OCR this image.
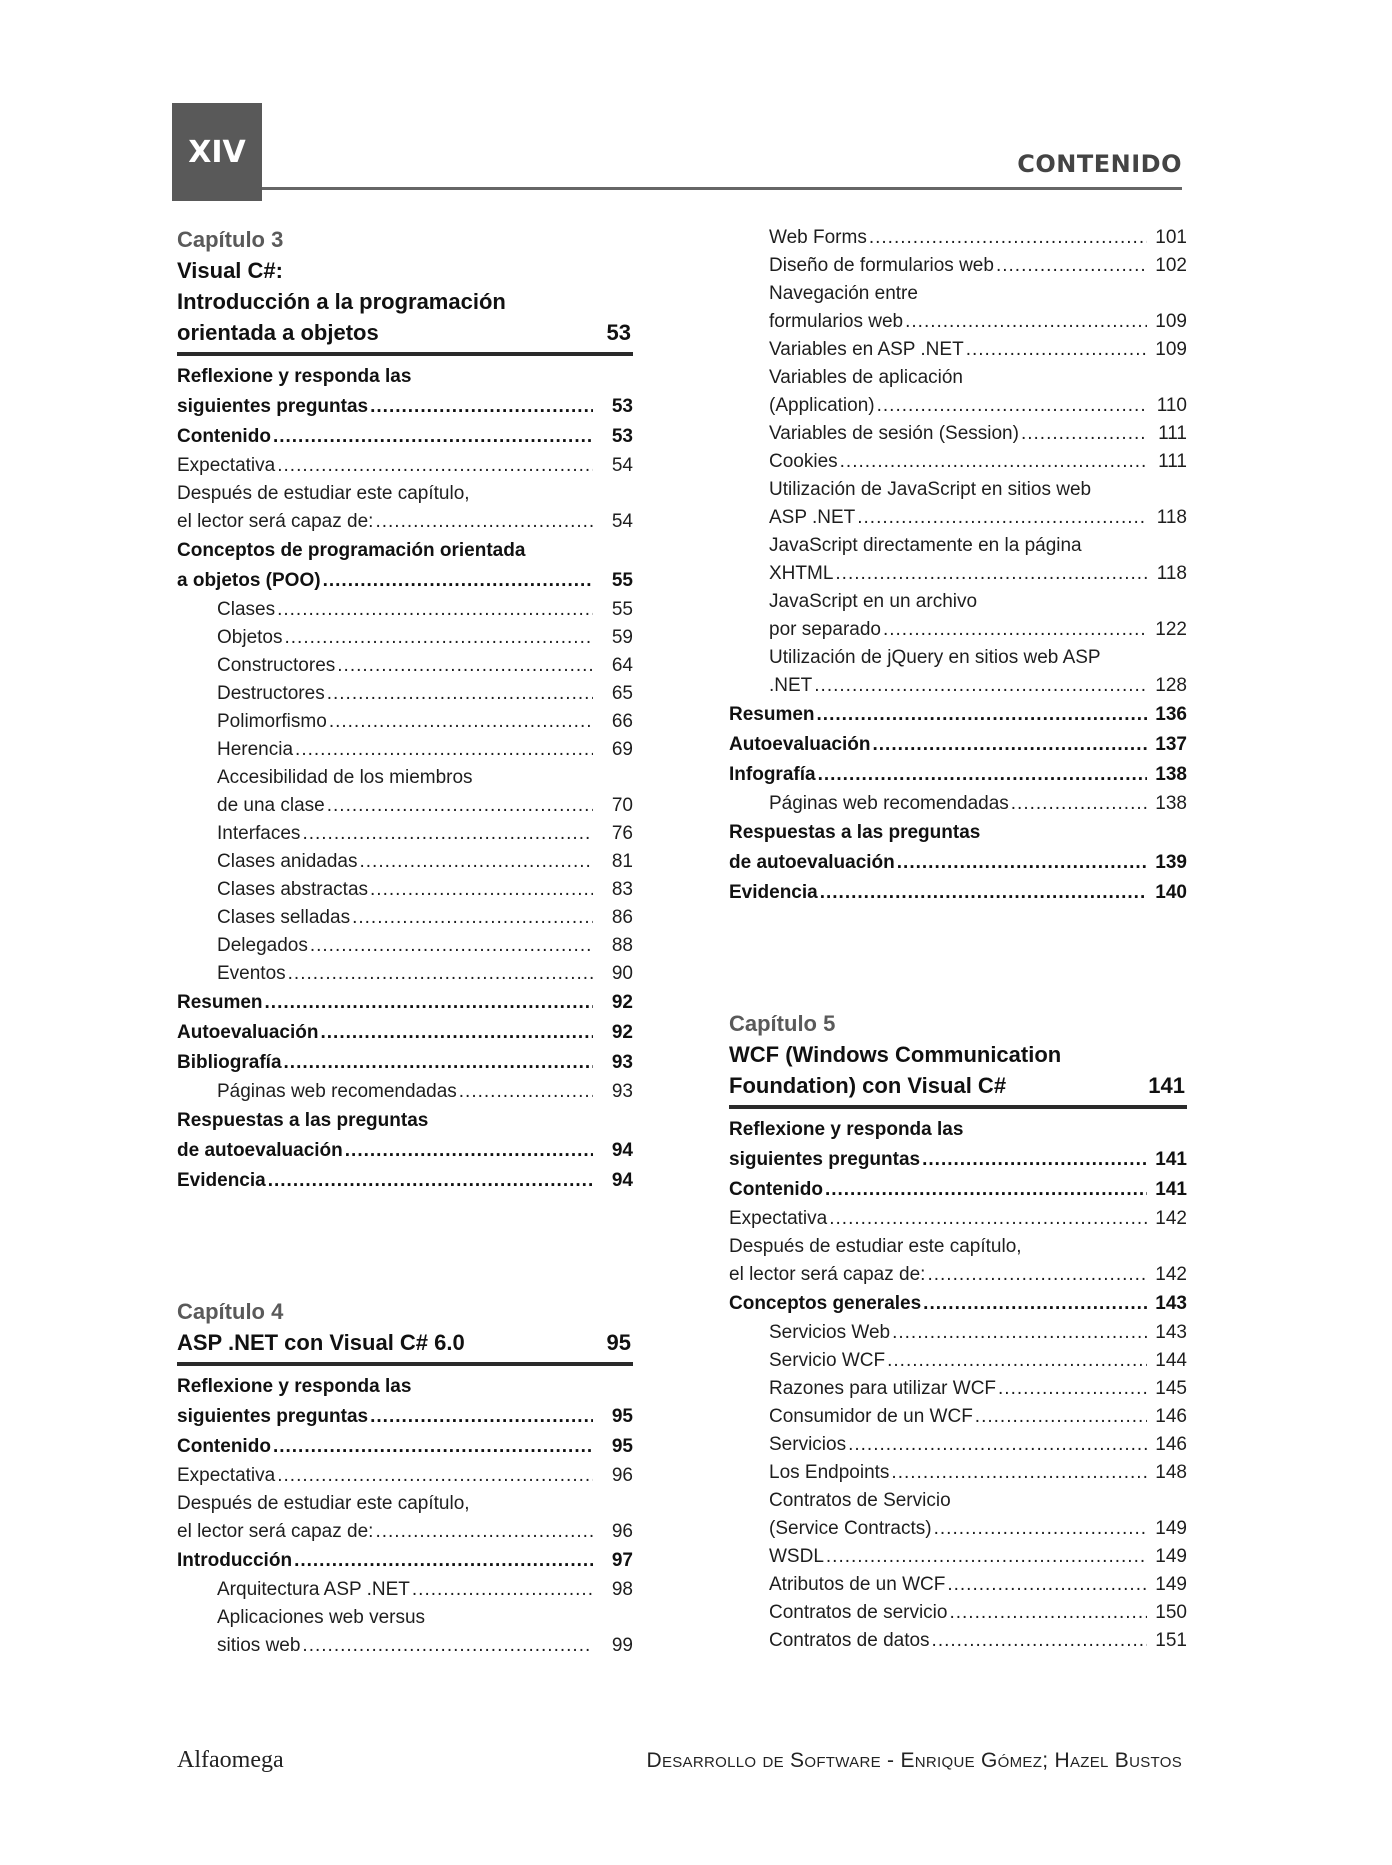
XIV	CONTENIDO
Capítulo 3
Visual C#:
Introducción a la programación
orientada a objetos	53
Reflexione y responda las
siguientes preguntas .....	53
Contenido .....	53
Expectativa .....	54
Después de estudiar este capítulo,
el lector será capaz de: .....	54
Conceptos de programación orientada
a objetos (POO) .....	55
Clases .....	55
Objetos .....	59
Constructores .....	64
Destructores .....	65
Polimorfismo .....	66
Herencia .....	69
Accesibilidad de los miembros
de una clase .....	70
Interfaces .....	76
Clases anidadas .....	81
Clases abstractas .....	83
Clases selladas .....	86
Delegados .....	88
Eventos .....	90
Resumen .....	92
Autoevaluación .....	92
Bibliografía .....	93
Páginas web recomendadas .....	93
Respuestas a las preguntas
de autoevaluación .....	94
Evidencia .....	94
Capítulo 4
ASP .NET con Visual C# 6.0	95
Reflexione y responda las
siguientes preguntas .....	95
Contenido .....	95
Expectativa .....	96
Después de estudiar este capítulo,
el lector será capaz de: .....	96
Introducción .....	97
Arquitectura ASP .NET .....	98
Aplicaciones web versus
sitios web .....	99
Web Forms .....	101
Diseño de formularios web .....	102
Navegación entre
formularios web .....	109
Variables en ASP .NET .....	109
Variables de aplicación
(Application) .....	110
Variables de sesión (Session) .....	111
Cookies .....	111
Utilización de JavaScript en sitios web
ASP .NET .....	118
JavaScript directamente en la página
XHTML .....	118
JavaScript en un archivo
por separado .....	122
Utilización de jQuery en sitios web ASP
.NET .....	128
Resumen .....	136
Autoevaluación .....	137
Infografía .....	138
Páginas web recomendadas .....	138
Respuestas a las preguntas
de autoevaluación .....	139
Evidencia .....	140
Capítulo 5
WCF (Windows Communication
Foundation) con Visual C#	141
Reflexione y responda las
siguientes preguntas .....	141
Contenido .....	141
Expectativa .....	142
Después de estudiar este capítulo,
el lector será capaz de: .....	142
Conceptos generales .....	143
Servicios Web .....	143
Servicio WCF .....	144
Razones para utilizar WCF .....	145
Consumidor de un WCF .....	146
Servicios .....	146
Los Endpoints .....	148
Contratos de Servicio
(Service Contracts) .....	149
WSDL .....	149
Atributos de un WCF .....	149
Contratos de servicio .....	150
Contratos de datos .....	151
Alfaomega	Desarrollo de Software - Enrique Gómez; Hazel Bustos
